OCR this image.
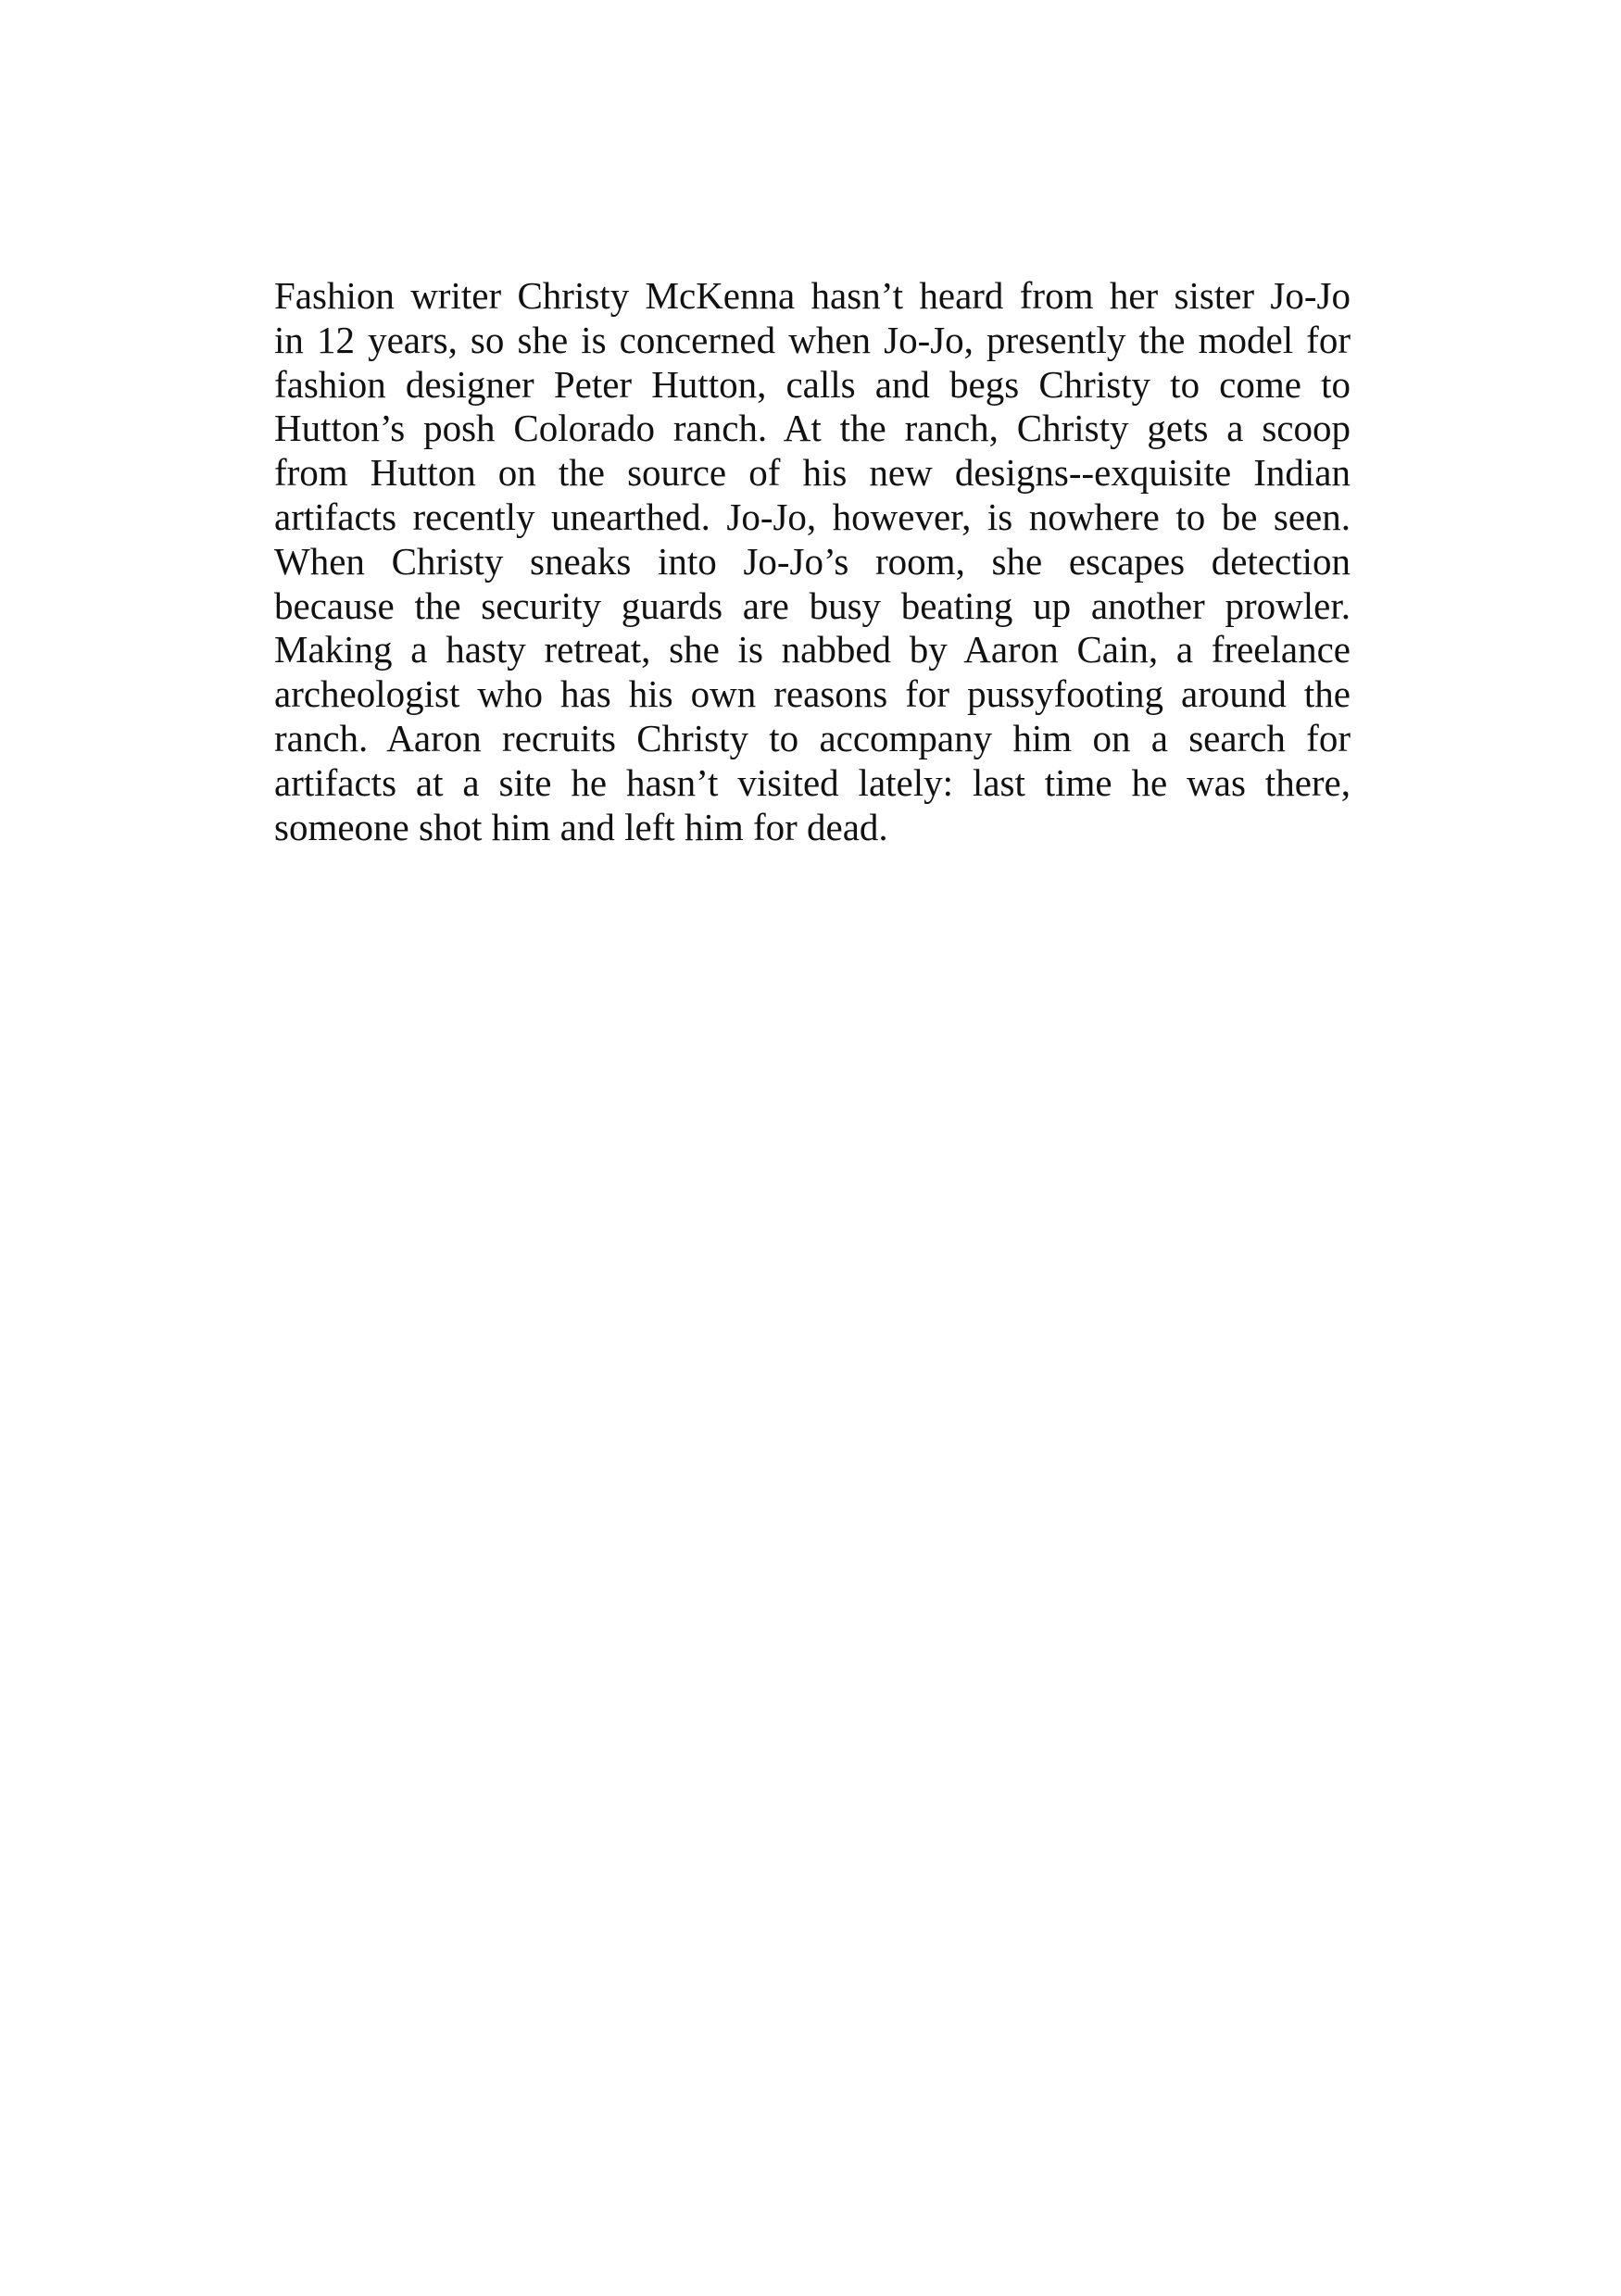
Fashion writer Christy McKenna hasn’t heard from her sister Jo-Jo
in 12 years, so she is concerned when Jo-Jo, presently the model for
fashion designer Peter Hutton, calls and begs Christy to come to
Hutton’s posh Colorado ranch. At the ranch, Christy gets a scoop
from Hutton on the source of his new designs--exquisite Indian
artifacts recently unearthed. Jo-Jo, however, is nowhere to be seen.
When Christy sneaks into Jo-Jo’s room, she escapes detection
because the security guards are busy beating up another prowler.
Making a hasty retreat, she is nabbed by Aaron Cain, a freelance
archeologist who has his own reasons for pussyfooting around the
ranch. Aaron recruits Christy to accompany him on a search for
artifacts at a site he hasn’t visited lately: last time he was there,
someone shot him and left him for dead.
